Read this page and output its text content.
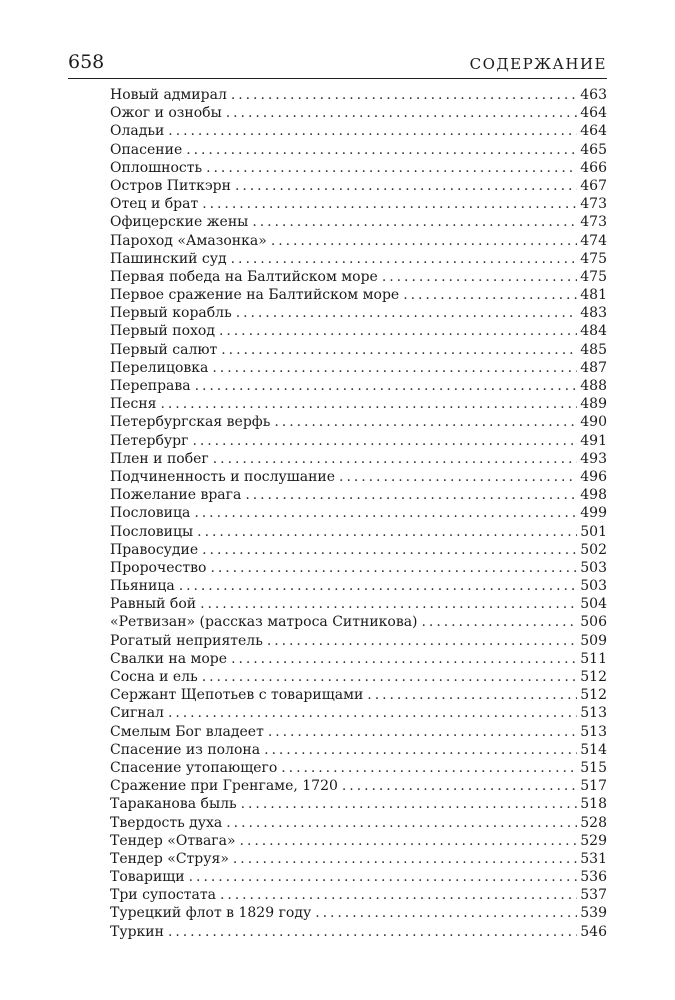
658	СОДЕРЖАНИЕ
Новый адмирал . . .	463
Ожог и ознобы . . .	464
Оладьи . . .	464
Опасение . . .	465
Оплошность . . .	466
Остров Питкэрн . . .	467
Отец и брат . . .	473
Офицерские жены . . .	473
Пароход «Амазонка» . . .	474
Пашинский суд . . .	475
Первая победа на Балтийском море . . .	475
Первое сражение на Балтийском море . . .	481
Первый корабль . . .	483
Первый поход . . .	484
Первый салют . . .	485
Перелицовка . . .	487
Переправа . . .	488
Песня . . .	489
Петербургская верфь . . .	490
Петербург . . .	491
Плен и побег . . .	493
Подчиненность и послушание . . .	496
Пожелание врага . . .	498
Пословица . . .	499
Пословицы . . .	501
Правосудие . . .	502
Пророчество . . .	503
Пьяница . . .	503
Равный бой . . .	504
«Ретвизан» (рассказ матроса Ситникова) . . .	506
Рогатый неприятель . . .	509
Свалки на море . . .	511
Сосна и ель . . .	512
Сержант Щепотьев с товарищами . . .	512
Сигнал . . .	513
Смелым Бог владеет . . .	513
Спасение из полона . . .	514
Спасение утопающего . . .	515
Сражение при Гренгаме, 1720 . . .	517
Тараканова быль . . .	518
Твердость духа . . .	528
Тендер «Отвага» . . .	529
Тендер «Струя» . . .	531
Товарищи . . .	536
Три супостата . . .	537
Турецкий флот в 1829 году . . .	539
Туркин . . .	546
